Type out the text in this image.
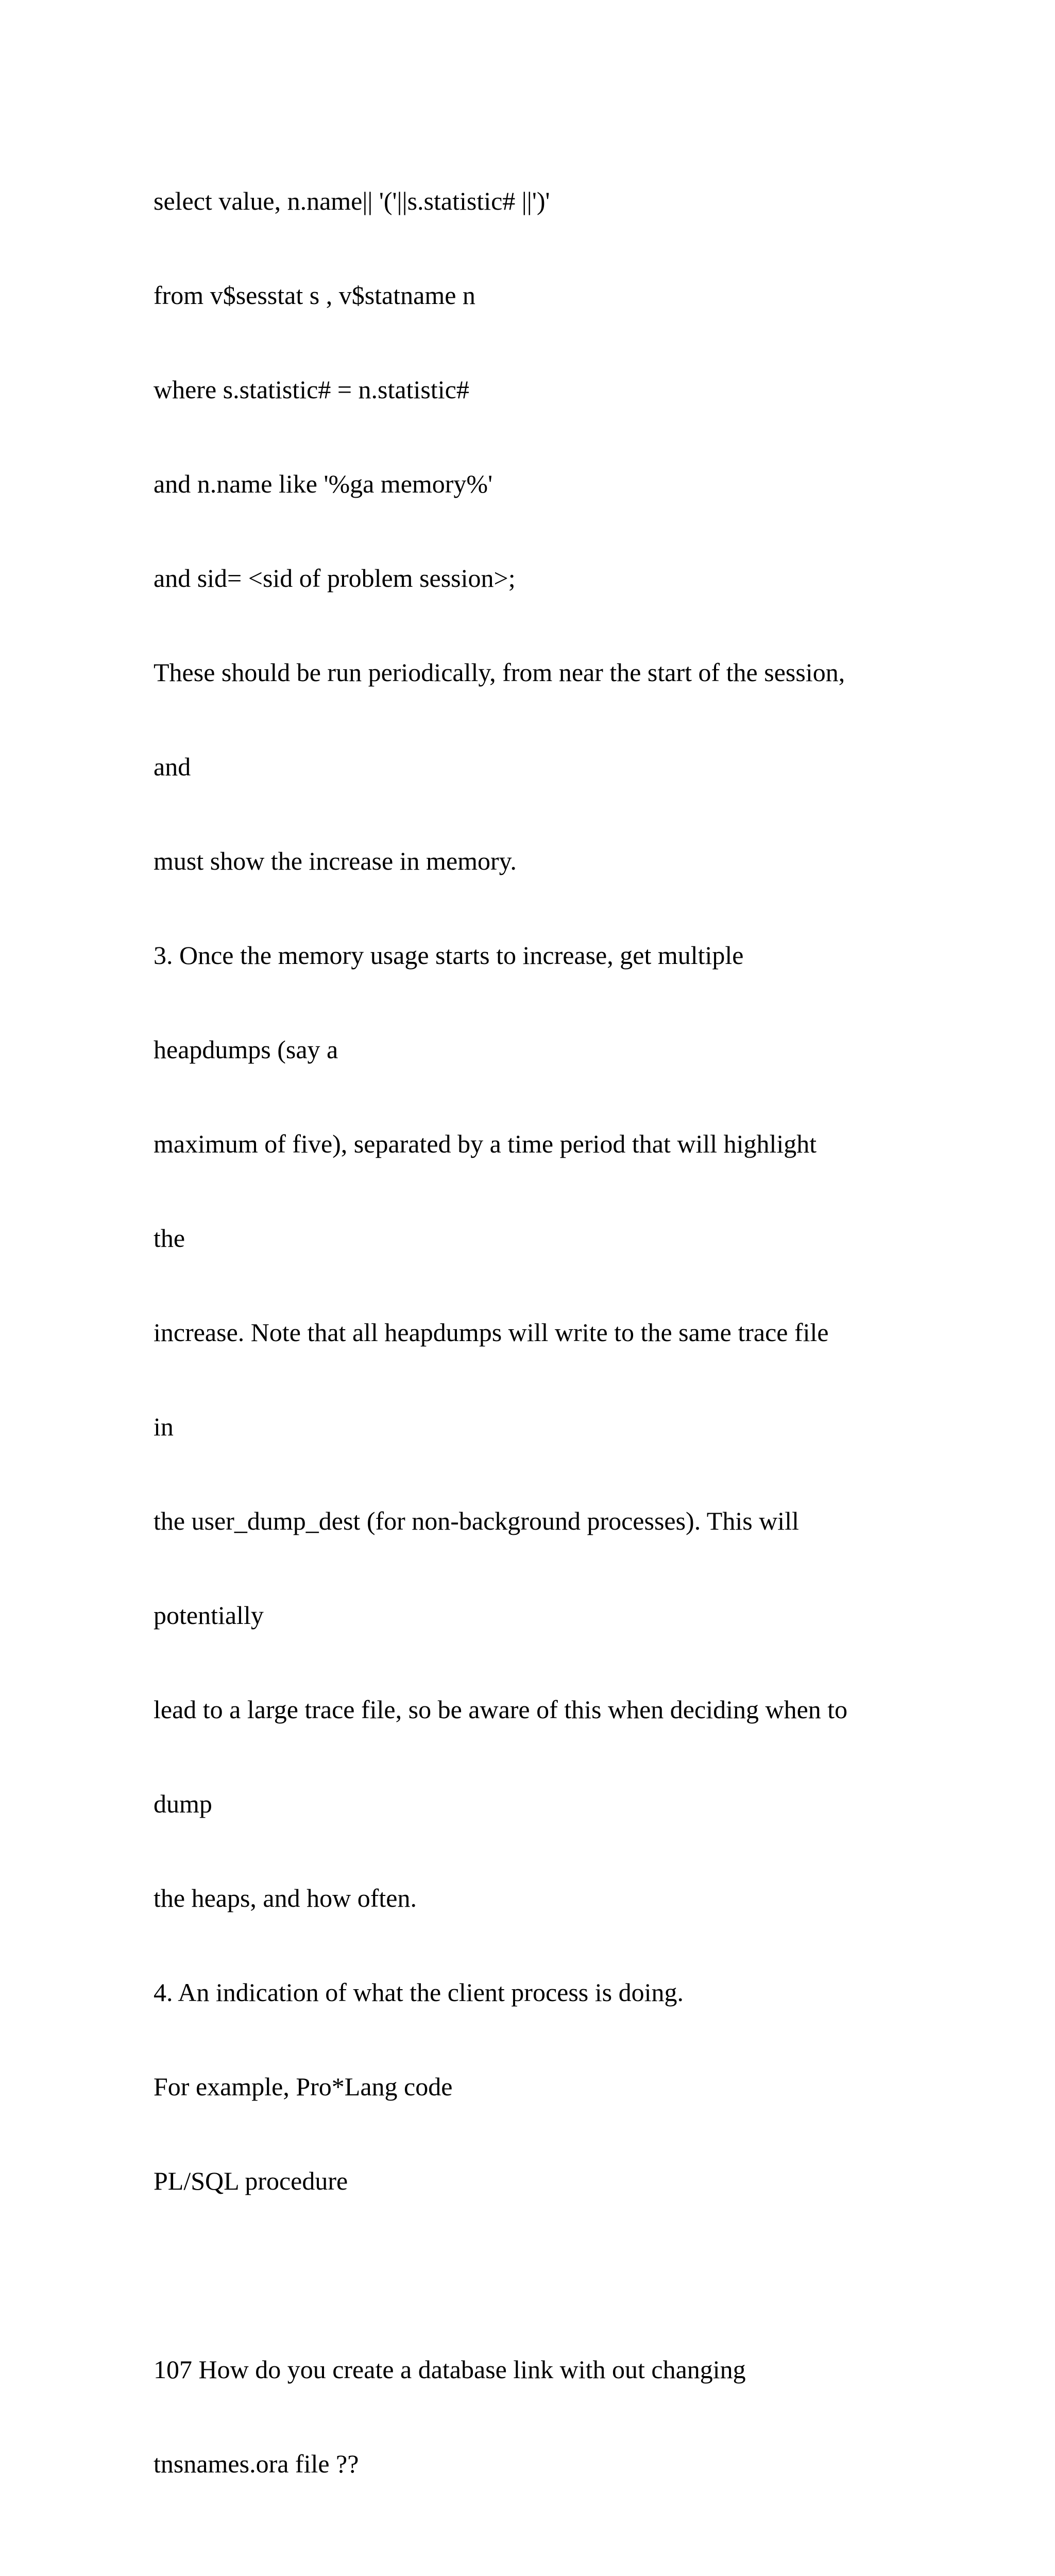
select value, n.name|| '('||s.statistic# ||')'

from v$sesstat s , v$statname n

where s.statistic# = n.statistic#

and n.name like '%ga memory%'

and sid= <sid of problem session>;

These should be run periodically, from near the start of the session,

and

must show the increase in memory.

3. Once the memory usage starts to increase, get multiple

heapdumps (say a

maximum of five), separated by a time period that will highlight

the

increase. Note that all heapdumps will write to the same trace file

in

the user_dump_dest (for non-background processes). This will

potentially

lead to a large trace file, so be aware of this when deciding when to

dump

the heaps, and how often.

4. An indication of what the client process is doing.

For example, Pro*Lang code

PL/SQL procedure

107 How do you create a database link with out changing

tnsnames.ora file ??
